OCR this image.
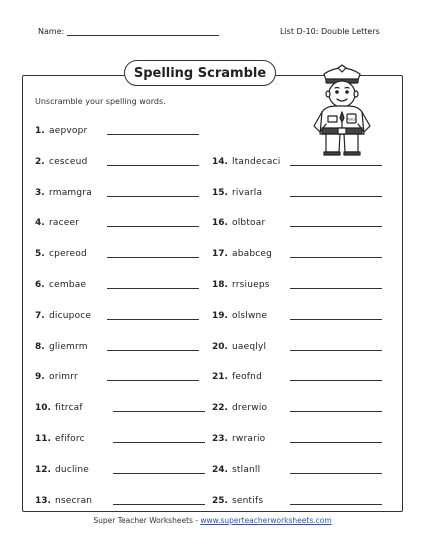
Name:	List D-10: Double Letters
Spelling Scramble
Unscramble your spelling words.
Police
1. aepvopr
2. cesceud
3. rmamgra
4. raceer
5. cpereod
6. cembae
7. dicupoce
8. gliemrm
9. orimrr
10. fitrcaf
11. efiforc
12. ducline
13. nsecran
14. ltandecaci
15. rivarla
16. olbtoar
17. ababceg
18. rrsiueps
19. olslwne
20. uaeqlyl
21. feofnd
22. drerwio
23. rwrario
24. stlanll
25. sentifs
Super Teacher Worksheets - www.superteacherworksheets.com
